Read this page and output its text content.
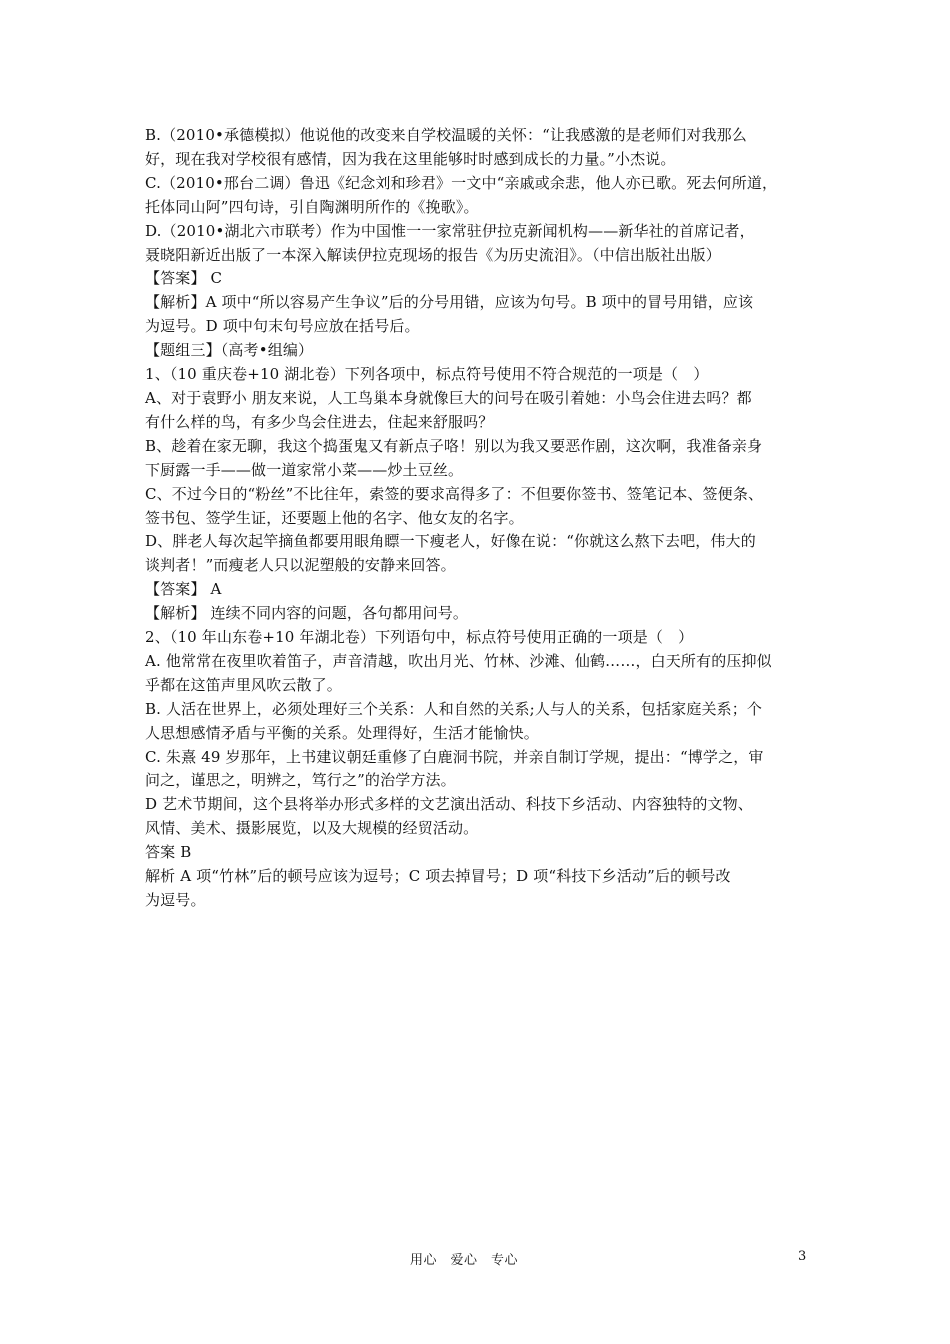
B.（2010•承德模拟）他说他的改变来自学校温暖的关怀：“让我感激的是老师们对我那么
好，现在我对学校很有感情，因为我在这里能够时时感到成长的力量。”小杰说。
C.（2010•邢台二调）鲁迅《纪念刘和珍君》一文中“亲戚或余悲，他人亦已歌。死去何所道，
托体同山阿”四句诗，引自陶渊明所作的《挽歌》。
D.（2010•湖北六市联考）作为中国惟一一家常驻伊拉克新闻机构——新华社的首席记者，
聂晓阳新近出版了一本深入解读伊拉克现场的报告《为历史流泪》。（中信出版社出版）
【答案】 C
【解析】A 项中“所以容易产生争议”后的分号用错，应该为句号。B 项中的冒号用错，应该
为逗号。D 项中句末句号应放在括号后。
【题组三】（高考•组编）
1、（10 重庆卷+10 湖北卷）下列各项中，标点符号使用不符合规范的一项是（　）
A、对于袁野小 朋友来说，人工鸟巢本身就像巨大的问号在吸引着她：小鸟会住进去吗？都
有什么样的鸟，有多少鸟会住进去，住起来舒服吗？
B、趁着在家无聊，我这个捣蛋鬼又有新点子咯！别以为我又要恶作剧，这次啊，我准备亲身
下厨露一手——做一道家常小菜——炒土豆丝。
C、不过今日的“粉丝”不比往年，索签的要求高得多了：不但要你签书、签笔记本、签便条、
签书包、签学生证，还要题上他的名字、他女友的名字。
D、胖老人每次起竿摘鱼都要用眼角瞟一下瘦老人，好像在说：“你就这么熬下去吧，伟大的
谈判者！”而瘦老人只以泥塑般的安静来回答。
【答案】 A
【解析】 连续不同内容的问题，各句都用问号。
2、（10 年山东卷+10 年湖北卷）下列语句中，标点符号使用正确的一项是（　）
A. 他常常在夜里吹着笛子，声音清越，吹出月光、竹林、沙滩、仙鹤……，白天所有的压抑似
乎都在这笛声里风吹云散了。
B. 人活在世界上，必须处理好三个关系：人和自然的关系;人与人的关系，包括家庭关系；个
人思想感情矛盾与平衡的关系。处理得好，生活才能愉快。
C. 朱熹 49 岁那年，上书建议朝廷重修了白鹿洞书院，并亲自制订学规，提出：“博学之，审
问之，谨思之，明辨之，笃行之”的治学方法。
D 艺术节期间，这个县将举办形式多样的文艺演出活动、科技下乡活动、内容独特的文物、
风情、美术、摄影展览，以及大规模的经贸活动。
答案 B
解析 A 项“竹林”后的顿号应该为逗号；C 项去掉冒号；D 项“科技下乡活动”后的顿号改
为逗号。
用心　爱心　专心	3
